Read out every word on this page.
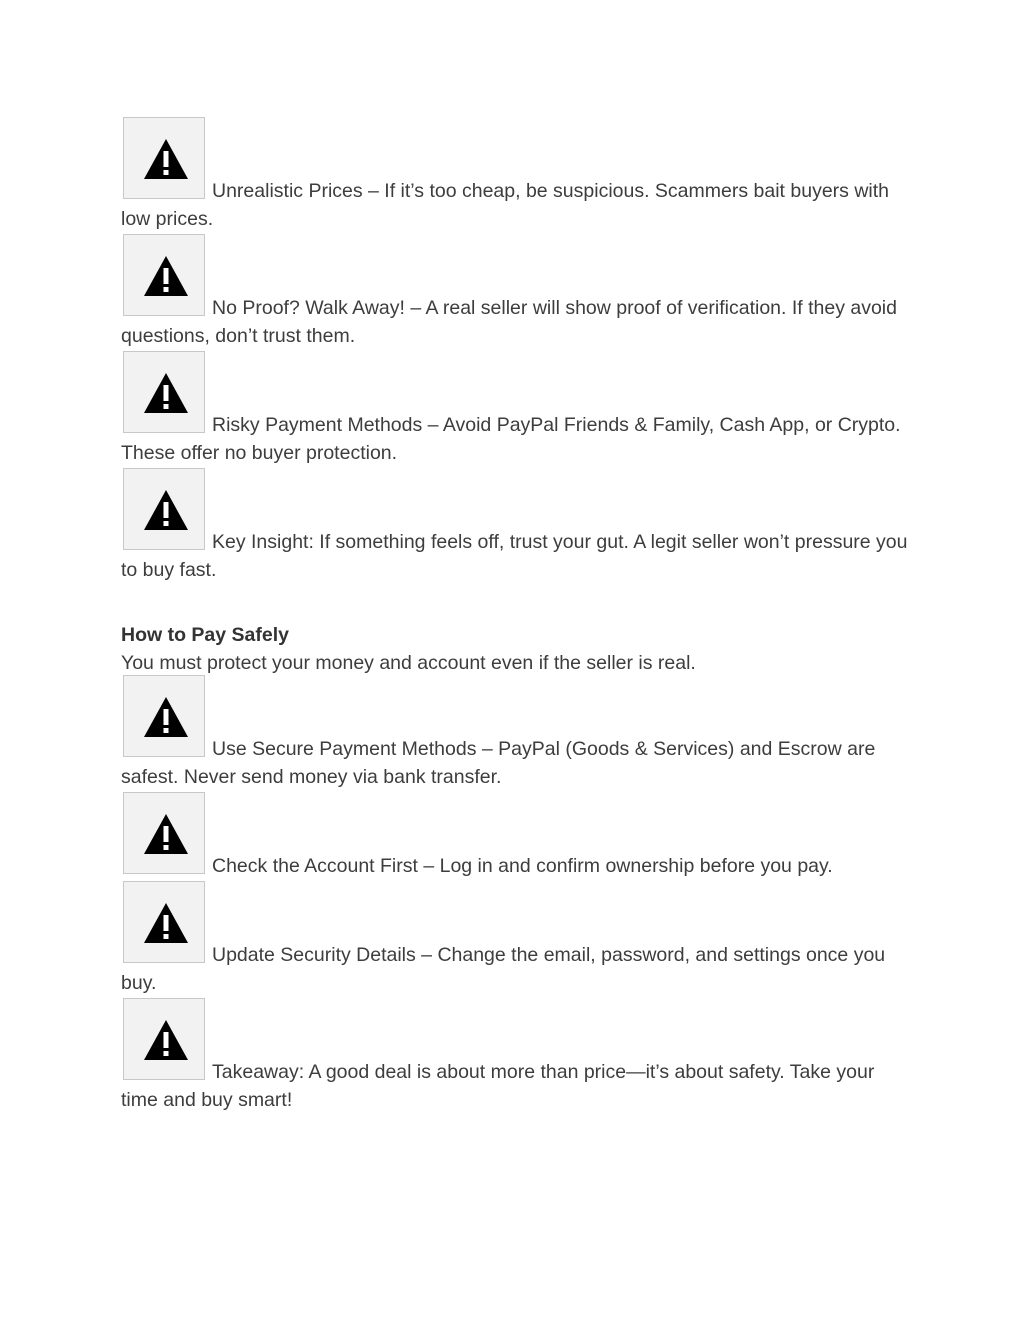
Unrealistic Prices – If it’s too cheap, be suspicious. Scammers bait buyers with low prices.

No Proof? Walk Away! – A real seller will show proof of verification. If they avoid questions, don’t trust them.

Risky Payment Methods – Avoid PayPal Friends & Family, Cash App, or Crypto. These offer no buyer protection.

Key Insight: If something feels off, trust your gut. A legit seller won’t pressure you to buy fast.

How to Pay Safely
You must protect your money and account even if the seller is real.

Use Secure Payment Methods – PayPal (Goods & Services) and Escrow are safest. Never send money via bank transfer.

Check the Account First – Log in and confirm ownership before you pay.

Update Security Details – Change the email, password, and settings once you buy.

Takeaway: A good deal is about more than price—it’s about safety. Take your time and buy smart!
